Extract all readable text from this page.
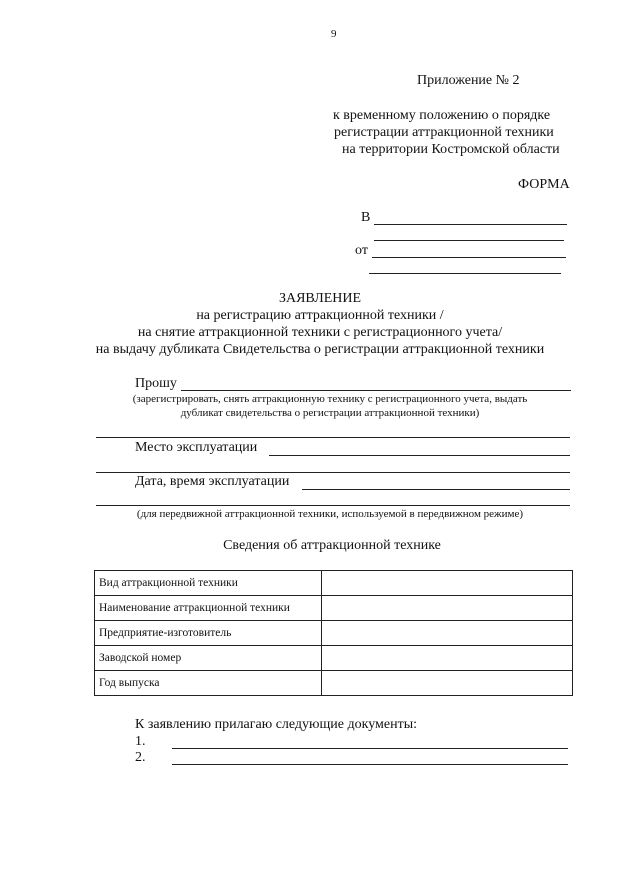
9
Приложение № 2
к временному положению о порядке
регистрации аттракционной техники
на территории Костромской области
ФОРМА
В
от
ЗАЯВЛЕНИЕ
на регистрацию аттракционной техники /
на снятие аттракционной техники с регистрационного учета/
на выдачу дубликата Свидетельства о регистрации аттракционной техники
Прошу
(зарегистрировать, снять аттракционную технику с регистрационного учета, выдать
дубликат свидетельства о регистрации аттракционной техники)
Место эксплуатации
Дата, время эксплуатации
(для передвижной аттракционной техники, используемой в передвижном режиме)
Сведения об аттракционной технике
Вид аттракционной техники	
Наименование аттракционной техники	
Предприятие-изготовитель	
Заводской номер	
Год выпуска	
К заявлению прилагаю следующие документы:
1.
2.
